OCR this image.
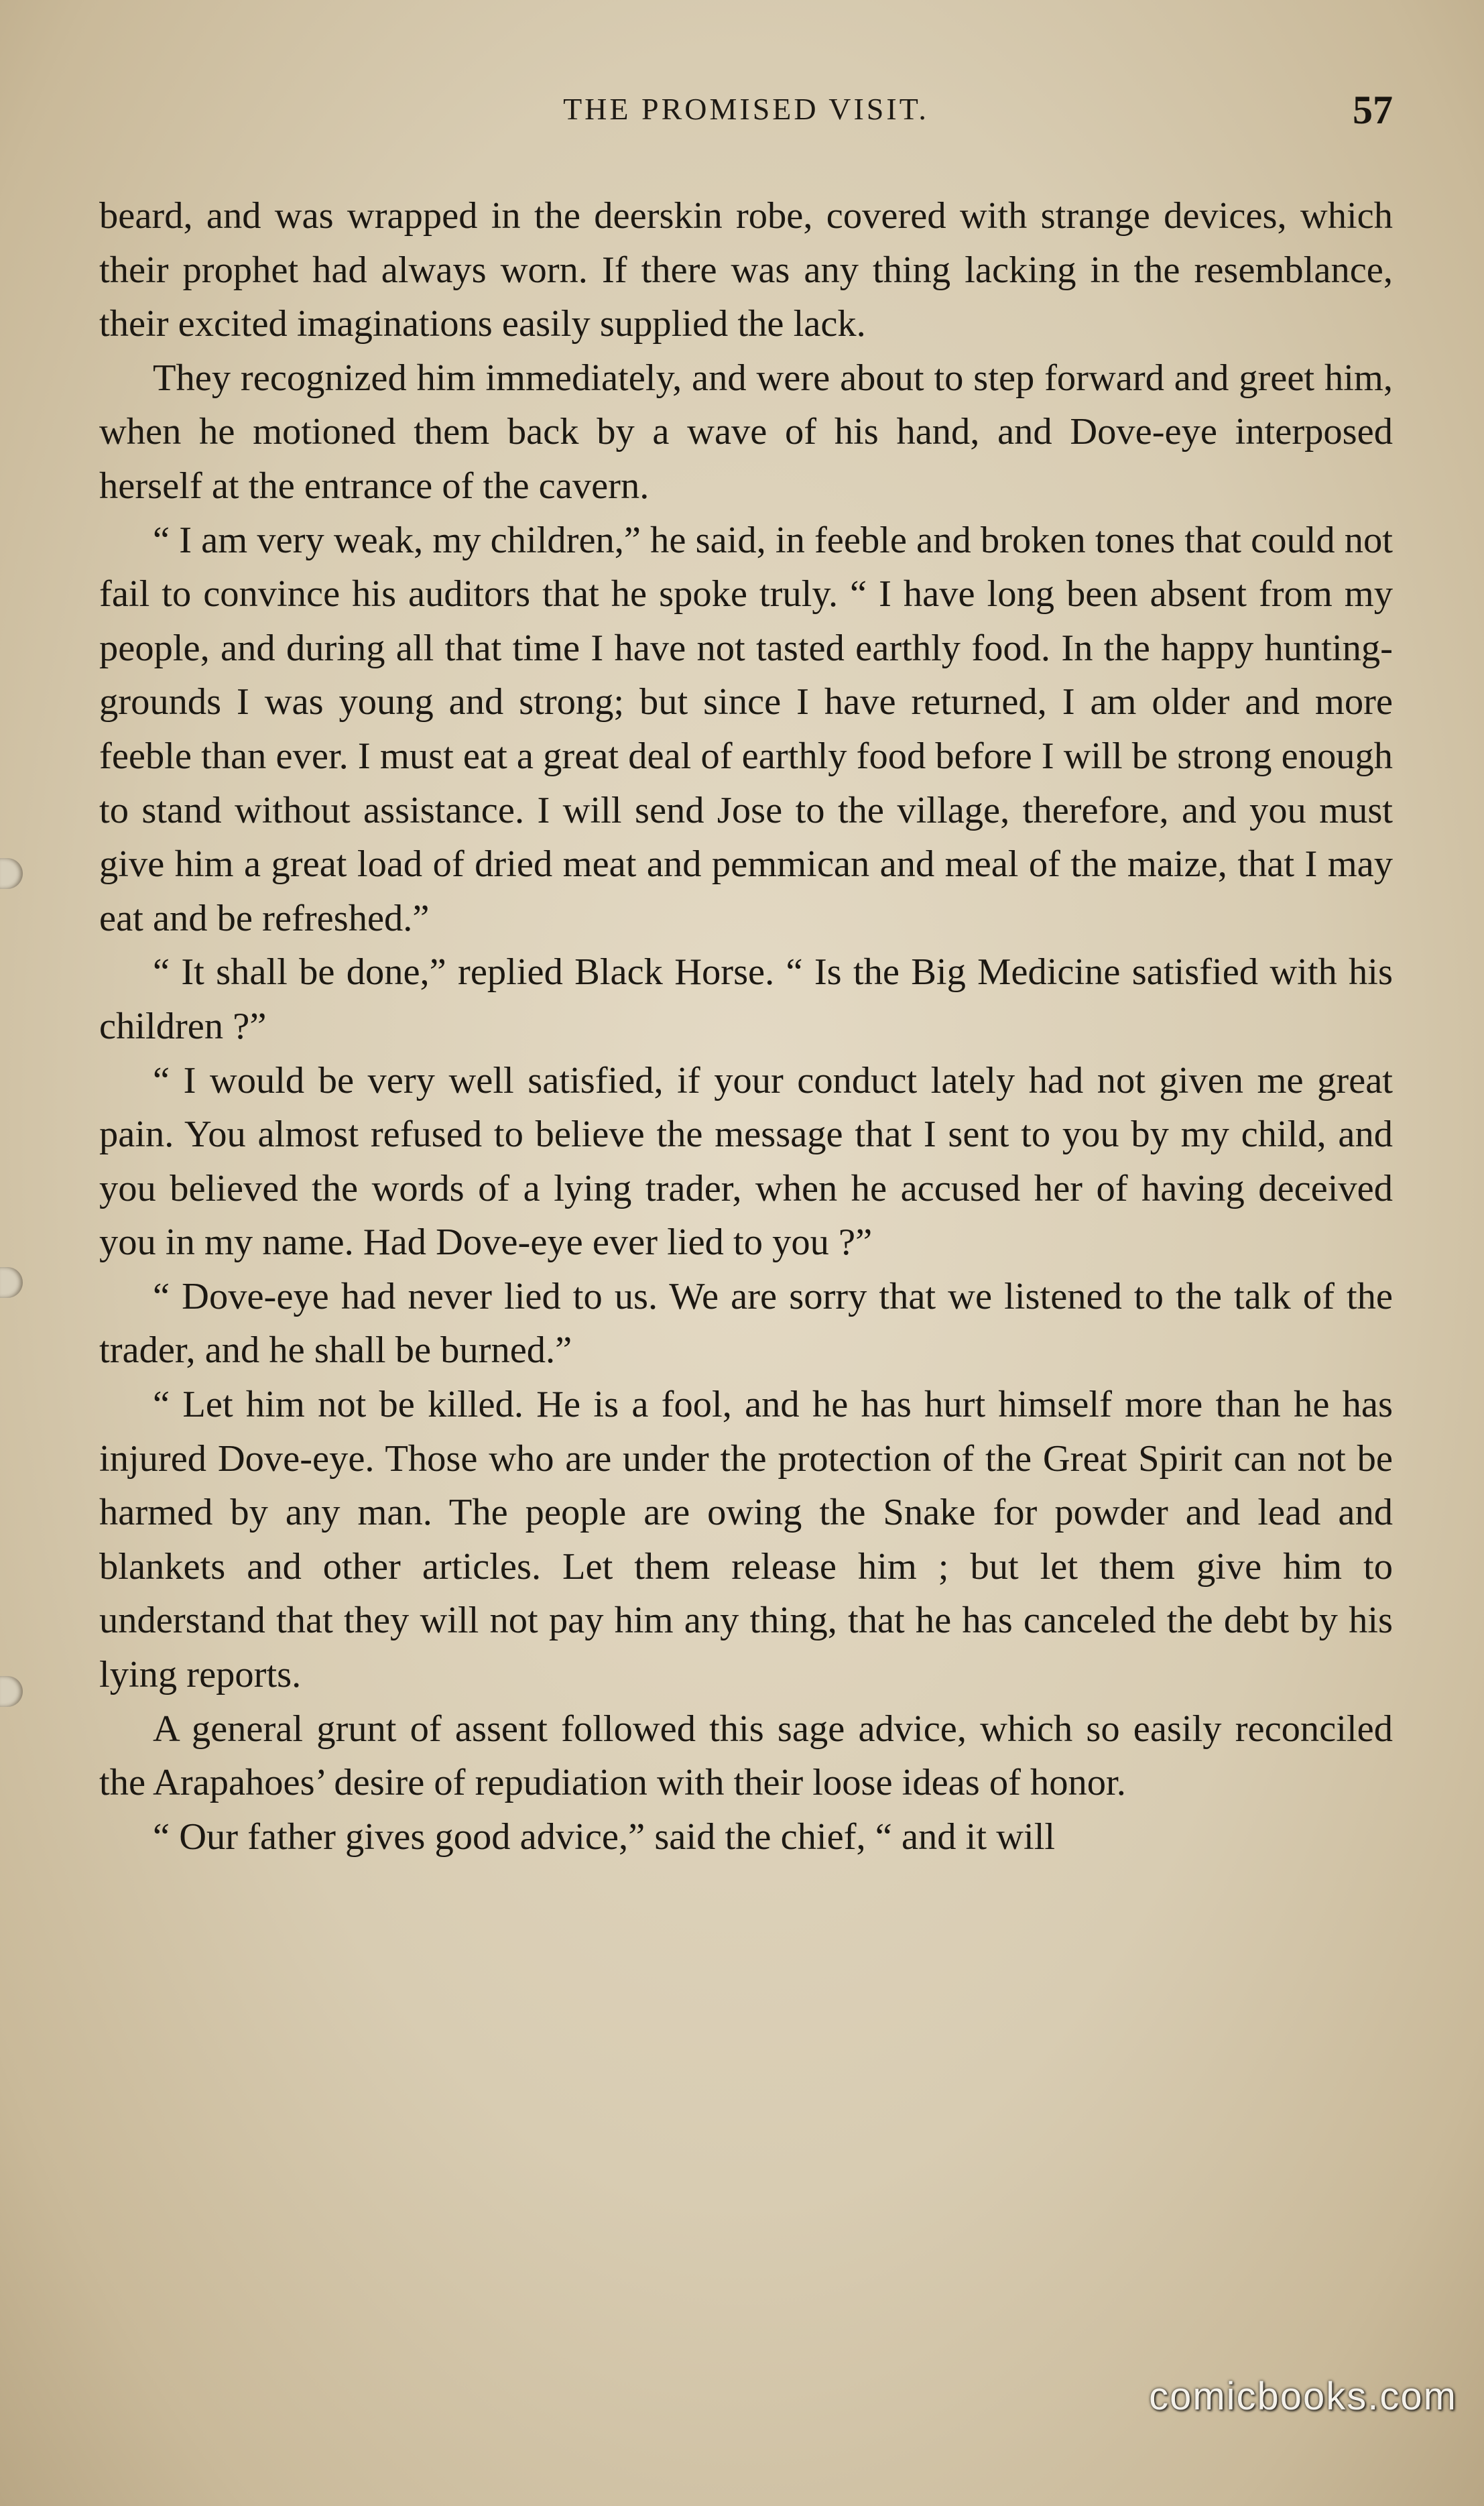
THE PROMISED VISIT.	57

beard, and was wrapped in the deerskin robe, covered with strange devices, which their prophet had always worn. If there was any thing lacking in the resemblance, their excited imaginations easily supplied the lack.

They recognized him immediately, and were about to step forward and greet him, when he motioned them back by a wave of his hand, and Dove-eye interposed herself at the entrance of the cavern.

“ I am very weak, my children,” he said, in feeble and broken tones that could not fail to convince his auditors that he spoke truly. “ I have long been absent from my people, and during all that time I have not tasted earthly food. In the happy hunting-grounds I was young and strong; but since I have returned, I am older and more feeble than ever. I must eat a great deal of earthly food before I will be strong enough to stand without assistance. I will send Jose to the village, therefore, and you must give him a great load of dried meat and pemmican and meal of the maize, that I may eat and be refreshed.”

“ It shall be done,” replied Black Horse. “ Is the Big Medicine satisfied with his children ?”

“ I would be very well satisfied, if your conduct lately had not given me great pain. You almost refused to believe the message that I sent to you by my child, and you believed the words of a lying trader, when he accused her of having deceived you in my name. Had Dove-eye ever lied to you ?”

“ Dove-eye had never lied to us. We are sorry that we listened to the talk of the trader, and he shall be burned.”

“ Let him not be killed. He is a fool, and he has hurt himself more than he has injured Dove-eye. Those who are under the protection of the Great Spirit can not be harmed by any man. The people are owing the Snake for powder and lead and blankets and other articles. Let them release him ; but let them give him to understand that they will not pay him any thing, that he has canceled the debt by his lying reports.

A general grunt of assent followed this sage advice, which so easily reconciled the Arapahoes’ desire of repudiation with their loose ideas of honor.

“ Our father gives good advice,” said the chief, “ and it will

comicbooks.com
